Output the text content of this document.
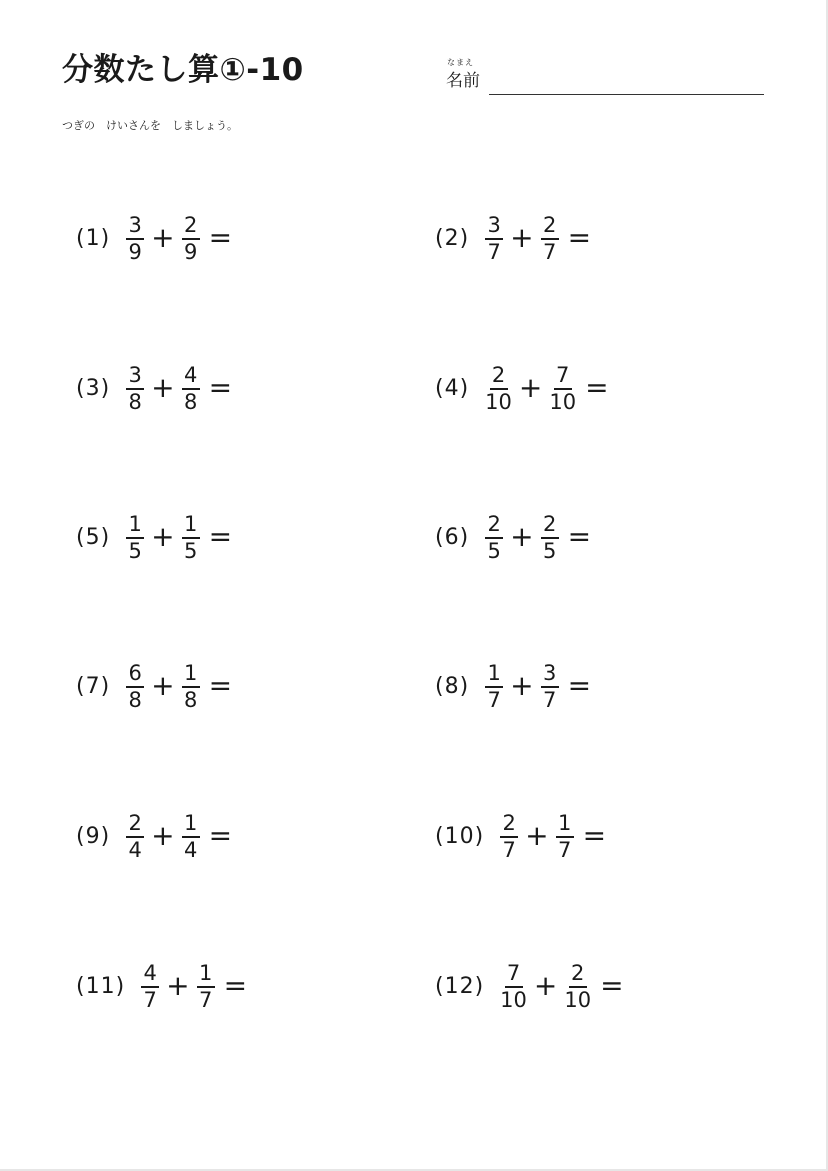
分数たし算①-10	なまえ
名前
つぎの　けいさんを　しましょう。
$(1) \frac{3}{9} + \frac{2}{9}$ =	$(2) \frac{3}{7} + \frac{2}{7}$ =
$(3) \frac{3}{8} + \frac{4}{8}$ =	$(4) \frac{2}{10} + \frac{7}{10}$ =
$(5) \frac{1}{5} + \frac{1}{5}$ =	$(6) \frac{2}{5} + \frac{2}{5}$ =
$(7) \frac{6}{8} + \frac{1}{8}$ =	$(8) \frac{1}{7} + \frac{3}{7}$ =
$(9) \frac{2}{4} + \frac{1}{4}$ =	$(10) \frac{2}{7} + \frac{1}{7}$ =
$(11) \frac{4}{7} + \frac{1}{7}$ =	$(12) \frac{7}{10} + \frac{2}{10}$ =
